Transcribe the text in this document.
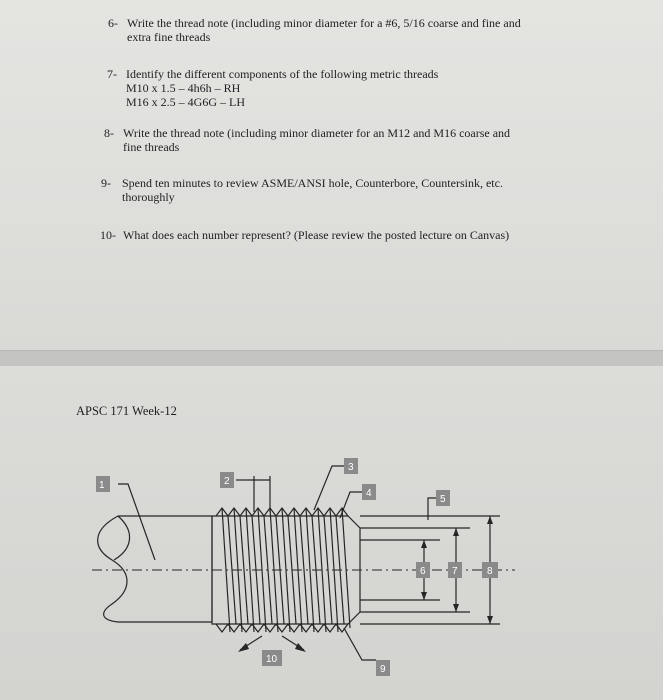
6- Write the thread note (including minor diameter for a #6, 5/16 coarse and fine and
extra fine threads
7- Identify the different components of the following metric threads
M10 x 1.5 – 4h6h – RH
M16 x 2.5 – 4G6G – LH
8- Write the thread note (including minor diameter for an M12 and M16 coarse and
fine threads
9- Spend ten minutes to review ASME/ANSI hole, Counterbore, Countersink, etc.
thoroughly
10- What does each number represent? (Please review the posted lecture on Canvas)
APSC 171 Week-12
1	2
3
4
5
6	7	8
9
10
